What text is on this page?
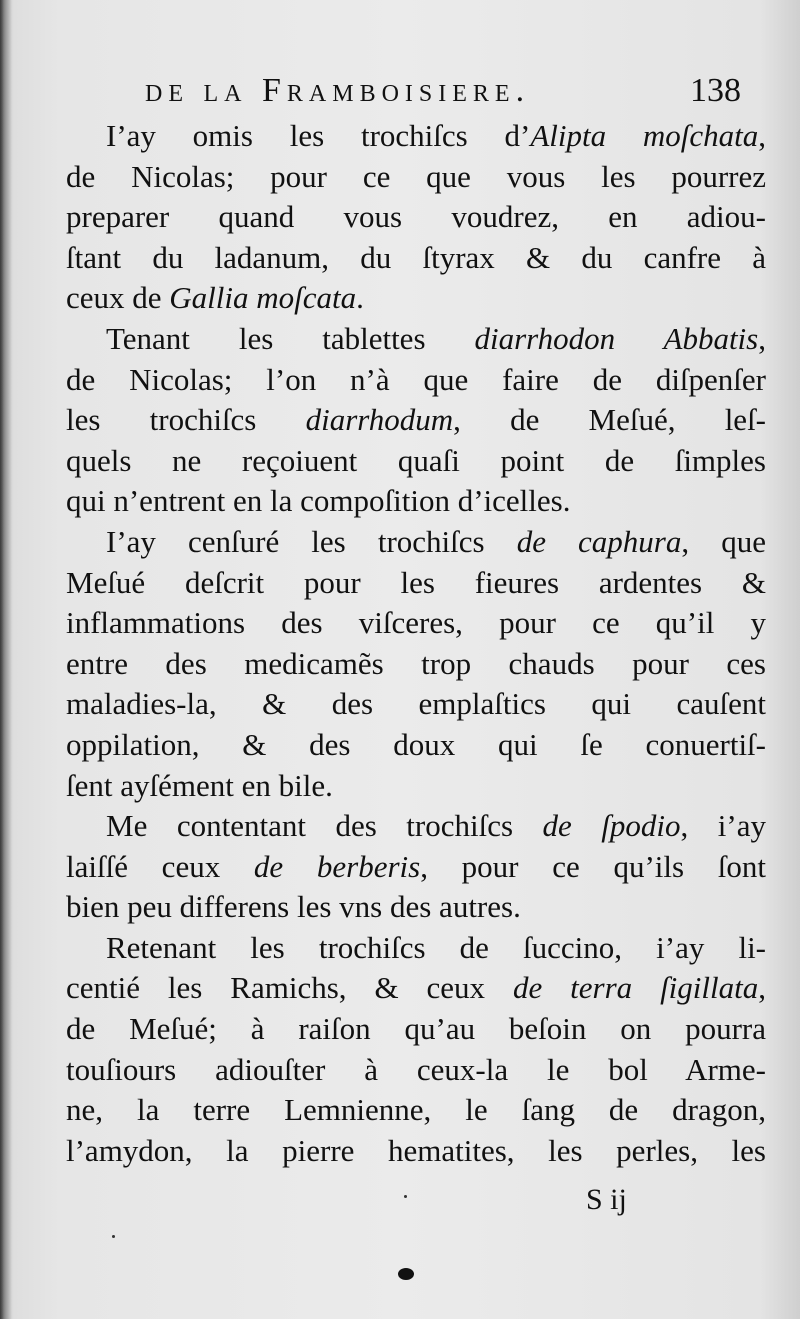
de la Framboisiere.	138
I’ay omis les trochiſcs d’Alipta moſchata,
de Nicolas; pour ce que vous les pourrez
preparer quand vous voudrez, en adiou-
ſtant du ladanum, du ſtyrax & du canfre à
ceux de Gallia moſcata.
Tenant les tablettes diarrhodon Abbatis,
de Nicolas; l’on n’à que faire de diſpenſer
les trochiſcs diarrhodum, de Meſué, leſ-
quels ne reçoiuent quaſi point de ſimples
qui n’entrent en la compoſition d’icelles.
I’ay cenſuré les trochiſcs de caphura, que
Meſué deſcrit pour les fieures ardentes &
inflammations des viſceres, pour ce qu’il y
entre des medicamẽs trop chauds pour ces
maladies-la, & des emplaſtics qui cauſent
oppilation, & des doux qui ſe conuertiſ-
ſent ayſément en bile.
Me contentant des trochiſcs de ſpodio, i’ay
laiſſé ceux de berberis, pour ce qu’ils ſont
bien peu differens les vns des autres.
Retenant les trochiſcs de ſuccino, i’ay li-
centié les Ramichs, & ceux de terra ſigillata,
de Meſué; à raiſon qu’au beſoin on pourra
touſiours adiouſter à ceux-la le bol Arme-
ne, la terre Lemnienne, le ſang de dragon,
l’amydon, la pierre hematites, les perles, les
S ij
